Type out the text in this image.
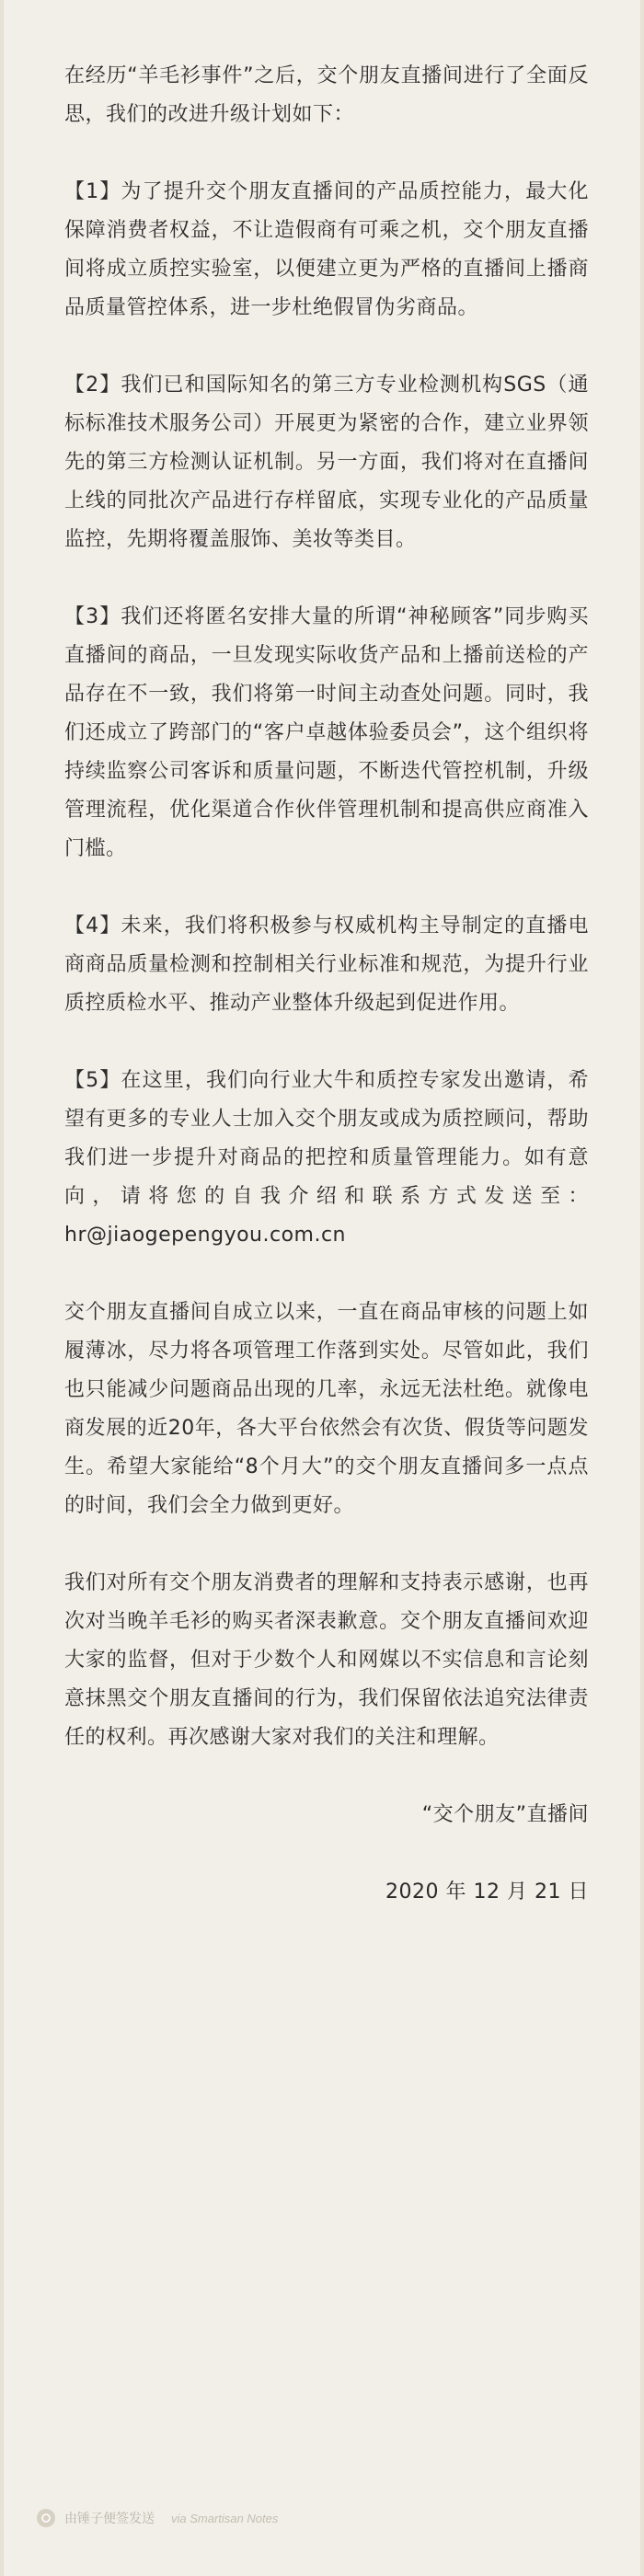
在经历“羊毛衫事件”之后，交个朋友直播间进行了全面反思，我们的改进升级计划如下：

【1】为了提升交个朋友直播间的产品质控能力，最大化保障消费者权益，不让造假商有可乘之机，交个朋友直播间将成立质控实验室，以便建立更为严格的直播间上播商品质量管控体系，进一步杜绝假冒伪劣商品。

【2】我们已和国际知名的第三方专业检测机构SGS（通标标准技术服务公司）开展更为紧密的合作，建立业界领先的第三方检测认证机制。另一方面，我们将对在直播间上线的同批次产品进行存样留底，实现专业化的产品质量监控，先期将覆盖服饰、美妆等类目。

【3】我们还将匿名安排大量的所谓“神秘顾客”同步购买直播间的商品，一旦发现实际收货产品和上播前送检的产品存在不一致，我们将第一时间主动查处问题。同时，我们还成立了跨部门的“客户卓越体验委员会”，这个组织将持续监察公司客诉和质量问题，不断迭代管控机制，升级管理流程，优化渠道合作伙伴管理机制和提高供应商准入门槛。

【4】未来，我们将积极参与权威机构主导制定的直播电商商品质量检测和控制相关行业标准和规范，为提升行业质控质检水平、推动产业整体升级起到促进作用。

【5】在这里，我们向行业大牛和质控专家发出邀请，希望有更多的专业人士加入交个朋友或成为质控顾问，帮助我们进一步提升对商品的把控和质量管理能力。如有意向，请将您的自我介绍和联系方式发送至：hr@jiaogepengyou.com.cn

交个朋友直播间自成立以来，一直在商品审核的问题上如履薄冰，尽力将各项管理工作落到实处。尽管如此，我们也只能减少问题商品出现的几率，永远无法杜绝。就像电商发展的近20年，各大平台依然会有次货、假货等问题发生。希望大家能给“8个月大”的交个朋友直播间多一点点的时间，我们会全力做到更好。

我们对所有交个朋友消费者的理解和支持表示感谢，也再次对当晚羊毛衫的购买者深表歉意。交个朋友直播间欢迎大家的监督，但对于少数个人和网媒以不实信息和言论刻意抹黑交个朋友直播间的行为，我们保留依法追究法律责任的权利。再次感谢大家对我们的关注和理解。

“交个朋友”直播间

2020 年 12 月 21 日

由锤子便签发送 via Smartisan Notes
